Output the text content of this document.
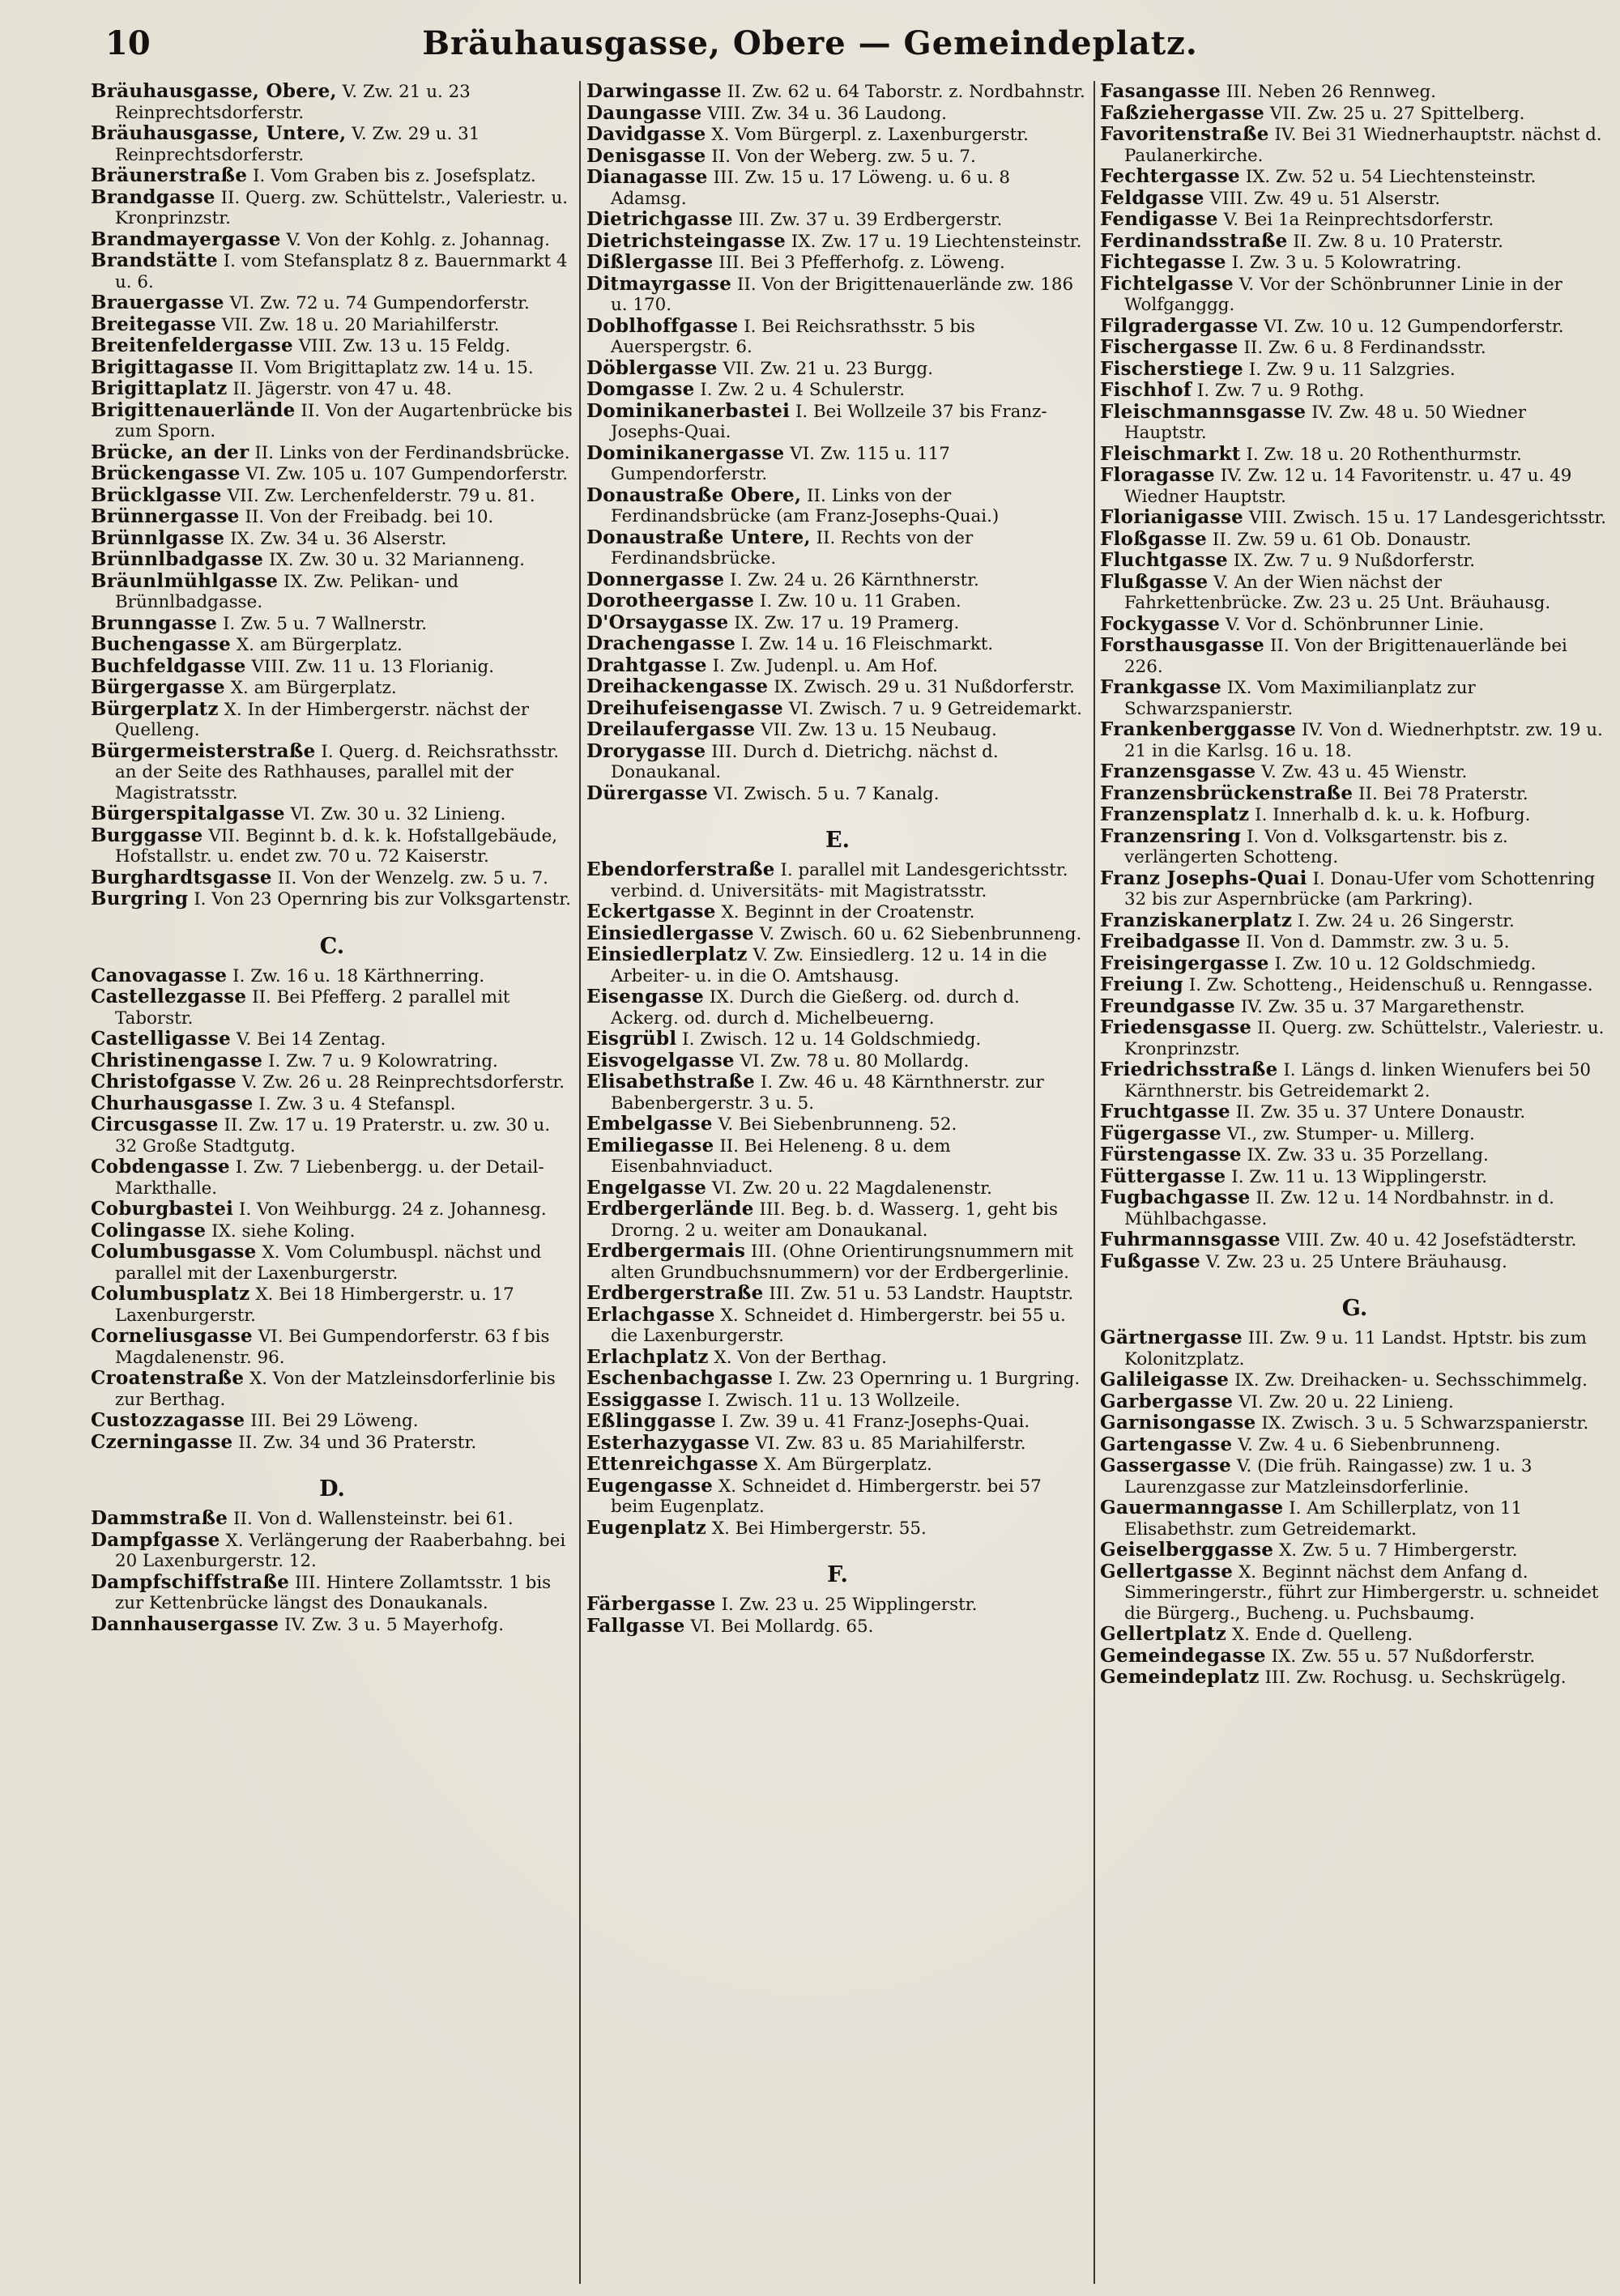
10	Bräuhausgasse, Obere — Gemeindeplatz.

Bräuhausgasse, Obere, V. Zw. 21 u. 23 Reinprechtsdorferstr.

Bräuhausgasse, Untere, V. Zw. 29 u. 31 Reinprechtsdorferstr.

Bräunerstraße I. Vom Graben bis z. Josefsplatz.

Brandgasse II. Querg. zw. Schüttelstr., Valeriestr. u. Kronprinzstr.

Brandmayergasse V. Von der Kohlg. z. Johannag.

Brandstätte I. vom Stefansplatz 8 z. Bauernmarkt 4 u. 6.

Brauergasse VI. Zw. 72 u. 74 Gumpendorferstr.

Breitegasse VII. Zw. 18 u. 20 Mariahilferstr.

Breitenfeldergasse VIII. Zw. 13 u. 15 Feldg.

Brigittagasse II. Vom Brigittaplatz zw. 14 u. 15.

Brigittaplatz II. Jägerstr. von 47 u. 48.

Brigittenauerlände II. Von der Augartenbrücke bis zum Sporn.

Brücke, an der II. Links von der Ferdinandsbrücke.

Brückengasse VI. Zw. 105 u. 107 Gumpendorferstr.

Brücklgasse VII. Zw. Lerchenfelderstr. 79 u. 81.

Brünnergasse II. Von der Freibadg. bei 10.

Brünnlgasse IX. Zw. 34 u. 36 Alserstr.

Brünnlbadgasse IX. Zw. 30 u. 32 Marianneng.

Bräunlmühlgasse IX. Zw. Pelikan- und Brünnlbadgasse.

Brunngasse I. Zw. 5 u. 7 Wallnerstr.

Buchengasse X. am Bürgerplatz.

Buchfeldgasse VIII. Zw. 11 u. 13 Florianig.

Bürgergasse X. am Bürgerplatz.

Bürgerplatz X. In der Himbergerstr. nächst der Quelleng.

Bürgermeisterstraße I. Querg. d. Reichsrathsstr. an der Seite des Rathhauses, parallel mit der Magistratsstr.

Bürgerspitalgasse VI. Zw. 30 u. 32 Linieng.

Burggasse VII. Beginnt b. d. k. k. Hofstallgebäude, Hofstallstr. u. endet zw. 70 u. 72 Kaiserstr.

Burghardtsgasse II. Von der Wenzelg. zw. 5 u. 7.

Burgring I. Von 23 Opernring bis zur Volksgartenstr.

C.

Canovagasse I. Zw. 16 u. 18 Kärthnerring.

Castellezgasse II. Bei Pfefferg. 2 parallel mit Taborstr.

Castelligasse V. Bei 14 Zentag.

Christinengasse I. Zw. 7 u. 9 Kolowratring.

Christofgasse V. Zw. 26 u. 28 Reinprechtsdorferstr.

Churhausgasse I. Zw. 3 u. 4 Stefanspl.

Circusgasse II. Zw. 17 u. 19 Praterstr. u. zw. 30 u. 32 Große Stadtgutg.

Cobdengasse I. Zw. 7 Liebenbergg. u. der Detail-Markthalle.

Coburgbastei I. Von Weihburgg. 24 z. Johannesg.

Colingasse IX. siehe Koling.

Columbusgasse X. Vom Columbuspl. nächst und parallel mit der Laxenburgerstr.

Columbusplatz X. Bei 18 Himbergerstr. u. 17 Laxenburgerstr.

Corneliusgasse VI. Bei Gumpendorferstr. 63 f bis Magdalenenstr. 96.

Croatenstraße X. Von der Matzleinsdorferlinie bis zur Berthag.

Custozzagasse III. Bei 29 Löweng.

Czerningasse II. Zw. 34 und 36 Praterstr.

D.

Dammstraße II. Von d. Wallensteinstr. bei 61.

Dampfgasse X. Verlängerung der Raaberbahng. bei 20 Laxenburgerstr. 12.

Dampfschiffstraße III. Hintere Zollamtsstr. 1 bis zur Kettenbrücke längst des Donaukanals.

Dannhausergasse IV. Zw. 3 u. 5 Mayerhofg.

Darwingasse II. Zw. 62 u. 64 Taborstr. z. Nordbahnstr.

Daungasse VIII. Zw. 34 u. 36 Laudong.

Davidgasse X. Vom Bürgerpl. z. Laxenburgerstr.

Denisgasse II. Von der Weberg. zw. 5 u. 7.

Dianagasse III. Zw. 15 u. 17 Löweng. u. 6 u. 8 Adamsg.

Dietrichgasse III. Zw. 37 u. 39 Erdbergerstr.

Dietrichsteingasse IX. Zw. 17 u. 19 Liechtensteinstr.

Dißlergasse III. Bei 3 Pfefferhofg. z. Löweng.

Ditmayrgasse II. Von der Brigittenauerlände zw. 186 u. 170.

Doblhoffgasse I. Bei Reichsrathsstr. 5 bis Auerspergstr. 6.

Döblergasse VII. Zw. 21 u. 23 Burgg.

Domgasse I. Zw. 2 u. 4 Schulerstr.

Dominikanerbastei I. Bei Wollzeile 37 bis Franz-Josephs-Quai.

Dominikanergasse VI. Zw. 115 u. 117 Gumpendorferstr.

Donaustraße Obere, II. Links von der Ferdinandsbrücke (am Franz-Josephs-Quai.)

Donaustraße Untere, II. Rechts von der Ferdinandsbrücke.

Donnergasse I. Zw. 24 u. 26 Kärnthnerstr.

Dorotheergasse I. Zw. 10 u. 11 Graben.

D'Orsaygasse IX. Zw. 17 u. 19 Pramerg.

Drachengasse I. Zw. 14 u. 16 Fleischmarkt.

Drahtgasse I. Zw. Judenpl. u. Am Hof.

Dreihackengasse IX. Zwisch. 29 u. 31 Nußdorferstr.

Dreihufeisengasse VI. Zwisch. 7 u. 9 Getreidemarkt.

Dreilaufergasse VII. Zw. 13 u. 15 Neubaug.

Drorygasse III. Durch d. Dietrichg. nächst d. Donaukanal.

Dürergasse VI. Zwisch. 5 u. 7 Kanalg.

E.

Ebendorferstraße I. parallel mit Landesgerichtsstr. verbind. d. Universitäts- mit Magistratsstr.

Eckertgasse X. Beginnt in der Croatenstr.

Einsiedlergasse V. Zwisch. 60 u. 62 Siebenbrunneng.

Einsiedlerplatz V. Zw. Einsiedlerg. 12 u. 14 in die Arbeiter- u. in die O. Amtshausg.

Eisengasse IX. Durch die Gießerg. od. durch d. Ackerg. od. durch d. Michelbeuerng.

Eisgrübl I. Zwisch. 12 u. 14 Goldschmiedg.

Eisvogelgasse VI. Zw. 78 u. 80 Mollardg.

Elisabethstraße I. Zw. 46 u. 48 Kärnthnerstr. zur Babenbergerstr. 3 u. 5.

Embelgasse V. Bei Siebenbrunneng. 52.

Emiliegasse II. Bei Heleneng. 8 u. dem Eisenbahnviaduct.

Engelgasse VI. Zw. 20 u. 22 Magdalenenstr.

Erdbergerlände III. Beg. b. d. Wasserg. 1, geht bis Drorng. 2 u. weiter am Donaukanal.

Erdbergermais III. (Ohne Orientirungsnummern mit alten Grundbuchsnummern) vor der Erdbergerlinie.

Erdbergerstraße III. Zw. 51 u. 53 Landstr. Hauptstr.

Erlachgasse X. Schneidet d. Himbergerstr. bei 55 u. die Laxenburgerstr.

Erlachplatz X. Von der Berthag.

Eschenbachgasse I. Zw. 23 Opernring u. 1 Burgring.

Essiggasse I. Zwisch. 11 u. 13 Wollzeile.

Eßlinggasse I. Zw. 39 u. 41 Franz-Josephs-Quai.

Esterhazygasse VI. Zw. 83 u. 85 Mariahilferstr.

Ettenreichgasse X. Am Bürgerplatz.

Eugengasse X. Schneidet d. Himbergerstr. bei 57 beim Eugenplatz.

Eugenplatz X. Bei Himbergerstr. 55.

F.

Färbergasse I. Zw. 23 u. 25 Wipplingerstr.

Fallgasse VI. Bei Mollardg. 65.

Fasangasse III. Neben 26 Rennweg.

Faßziehergasse VII. Zw. 25 u. 27 Spittelberg.

Favoritenstraße IV. Bei 31 Wiednerhauptstr. nächst d. Paulanerkirche.

Fechtergasse IX. Zw. 52 u. 54 Liechtensteinstr.

Feldgasse VIII. Zw. 49 u. 51 Alserstr.

Fendigasse V. Bei 1a Reinprechtsdorferstr.

Ferdinandsstraße II. Zw. 8 u. 10 Praterstr.

Fichtegasse I. Zw. 3 u. 5 Kolowratring.

Fichtelgasse V. Vor der Schönbrunner Linie in der Wolfganggg.

Filgradergasse VI. Zw. 10 u. 12 Gumpendorferstr.

Fischergasse II. Zw. 6 u. 8 Ferdinandsstr.

Fischerstiege I. Zw. 9 u. 11 Salzgries.

Fischhof I. Zw. 7 u. 9 Rothg.

Fleischmannsgasse IV. Zw. 48 u. 50 Wiedner Hauptstr.

Fleischmarkt I. Zw. 18 u. 20 Rothenthurmstr.

Floragasse IV. Zw. 12 u. 14 Favoritenstr. u. 47 u. 49 Wiedner Hauptstr.

Florianigasse VIII. Zwisch. 15 u. 17 Landesgerichtsstr.

Floßgasse II. Zw. 59 u. 61 Ob. Donaustr.

Fluchtgasse IX. Zw. 7 u. 9 Nußdorferstr.

Flußgasse V. An der Wien nächst der Fahrkettenbrücke. Zw. 23 u. 25 Unt. Bräuhausg.

Fockygasse V. Vor d. Schönbrunner Linie.

Forsthausgasse II. Von der Brigittenauerlände bei 226.

Frankgasse IX. Vom Maximilianplatz zur Schwarzspanierstr.

Frankenberggasse IV. Von d. Wiednerhptstr. zw. 19 u. 21 in die Karlsg. 16 u. 18.

Franzensgasse V. Zw. 43 u. 45 Wienstr.

Franzensbrückenstraße II. Bei 78 Praterstr.

Franzensplatz I. Innerhalb d. k. u. k. Hofburg.

Franzensring I. Von d. Volksgartenstr. bis z. verlängerten Schotteng.

Franz Josephs-Quai I. Donau-Ufer vom Schottenring 32 bis zur Aspernbrücke (am Parkring).

Franziskanerplatz I. Zw. 24 u. 26 Singerstr.

Freibadgasse II. Von d. Dammstr. zw. 3 u. 5.

Freisingergasse I. Zw. 10 u. 12 Goldschmiedg.

Freiung I. Zw. Schotteng., Heidenschuß u. Renngasse.

Freundgasse IV. Zw. 35 u. 37 Margarethenstr.

Friedensgasse II. Querg. zw. Schüttelstr., Valeriestr. u. Kronprinzstr.

Friedrichsstraße I. Längs d. linken Wienufers bei 50 Kärnthnerstr. bis Getreidemarkt 2.

Fruchtgasse II. Zw. 35 u. 37 Untere Donaustr.

Fügergasse VI., zw. Stumper- u. Millerg.

Fürstengasse IX. Zw. 33 u. 35 Porzellang.

Füttergasse I. Zw. 11 u. 13 Wipplingerstr.

Fugbachgasse II. Zw. 12 u. 14 Nordbahnstr. in d. Mühlbachgasse.

Fuhrmannsgasse VIII. Zw. 40 u. 42 Josefstädterstr.

Fußgasse V. Zw. 23 u. 25 Untere Bräuhausg.

G.

Gärtnergasse III. Zw. 9 u. 11 Landst. Hptstr. bis zum Kolonitzplatz.

Galileigasse IX. Zw. Dreihacken- u. Sechsschimmelg.

Garbergasse VI. Zw. 20 u. 22 Linieng.

Garnisongasse IX. Zwisch. 3 u. 5 Schwarzspanierstr.

Gartengasse V. Zw. 4 u. 6 Siebenbrunneng.

Gassergasse V. (Die früh. Raingasse) zw. 1 u. 3 Laurenzgasse zur Matzleinsdorferlinie.

Gauermanngasse I. Am Schillerplatz, von 11 Elisabethstr. zum Getreidemarkt.

Geiselberggasse X. Zw. 5 u. 7 Himbergerstr.

Gellertgasse X. Beginnt nächst dem Anfang d. Simmeringerstr., führt zur Himbergerstr. u. schneidet die Bürgerg., Bucheng. u. Puchsbaumg.

Gellertplatz X. Ende d. Quelleng.

Gemeindegasse IX. Zw. 55 u. 57 Nußdorferstr.

Gemeindeplatz III. Zw. Rochusg. u. Sechskrügelg.
